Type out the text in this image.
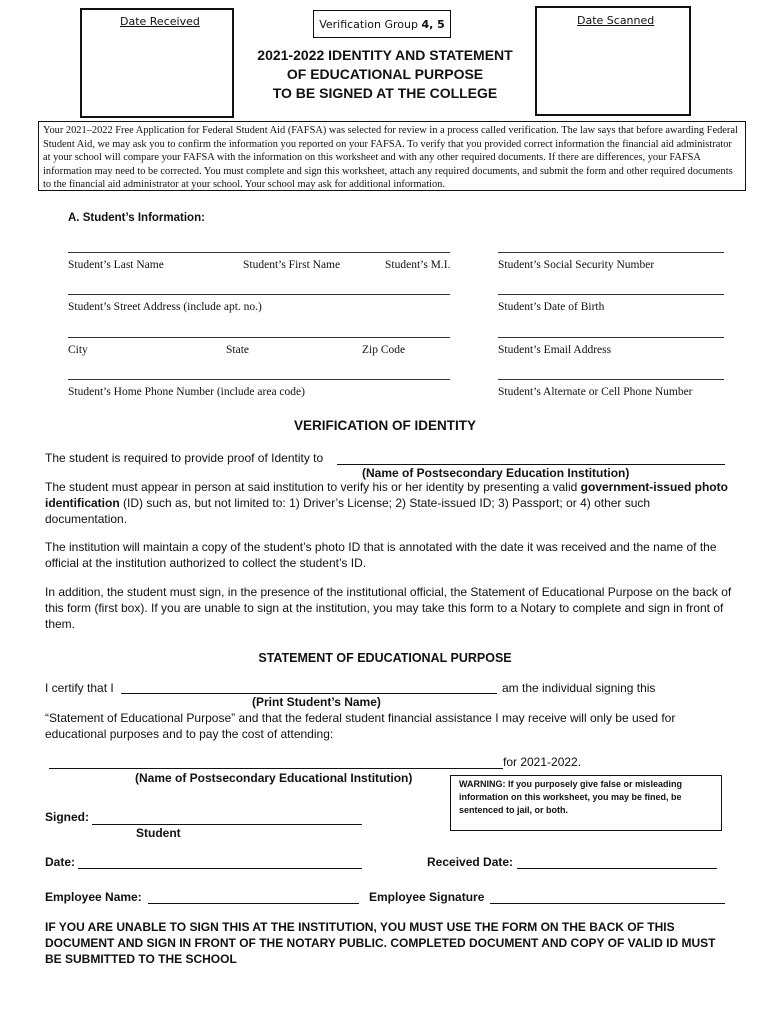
Date Received	Verification Group 4, 5	Date Scanned
2021-2022 IDENTITY AND STATEMENT
OF EDUCATIONAL PURPOSE
TO BE SIGNED AT THE COLLEGE
Your 2021–2022 Free Application for Federal Student Aid (FAFSA) was selected for review in a process called verification. The law says that before awarding Federal Student Aid, we may ask you to confirm the information you reported on your FAFSA. To verify that you provided correct information the financial aid administrator at your school will compare your FAFSA with the information on this worksheet and with any other required documents. If there are differences, your FAFSA information may need to be corrected. You must complete and sign this worksheet, attach any required documents, and submit the form and other required documents to the financial aid administrator at your school. Your school may ask for additional information.
A. Student’s Information:
Student’s Last Name	Student’s First Name	Student’s M.I.	Student’s Social Security Number
Student’s Street Address (include apt. no.)	Student’s Date of Birth
City	State	Zip Code	Student’s Email Address
Student’s Home Phone Number (include area code)	Student’s Alternate or Cell Phone Number
VERIFICATION OF IDENTITY
The student is required to provide proof of Identity to
(Name of Postsecondary Education Institution)
The student must appear in person at said institution to verify his or her identity by presenting a valid government-issued photo identification (ID) such as, but not limited to: 1) Driver’s License; 2) State-issued ID; 3) Passport; or 4) other such documentation.
The institution will maintain a copy of the student’s photo ID that is annotated with the date it was received and the name of the official at the institution authorized to collect the student’s ID.
In addition, the student must sign, in the presence of the institutional official, the Statement of Educational Purpose on the back of this form (first box). If you are unable to sign at the institution, you may take this form to a Notary to complete and sign in front of them.
STATEMENT OF EDUCATIONAL PURPOSE
I certify that I	am the individual signing this
(Print Student’s Name)
“Statement of Educational Purpose” and that the federal student financial assistance I may receive will only be used for educational purposes and to pay the cost of attending:
for 2021-2022.
(Name of Postsecondary Educational Institution)	WARNING: If you purposely give false or misleading information on this worksheet, you may be fined, be sentenced to jail, or both.
Signed:
Student
Date:	Received Date:
Employee Name:	Employee Signature
IF YOU ARE UNABLE TO SIGN THIS AT THE INSTITUTION, YOU MUST USE THE FORM ON THE BACK OF THIS DOCUMENT AND SIGN IN FRONT OF THE NOTARY PUBLIC. COMPLETED DOCUMENT AND COPY OF VALID ID MUST BE SUBMITTED TO THE SCHOOL
